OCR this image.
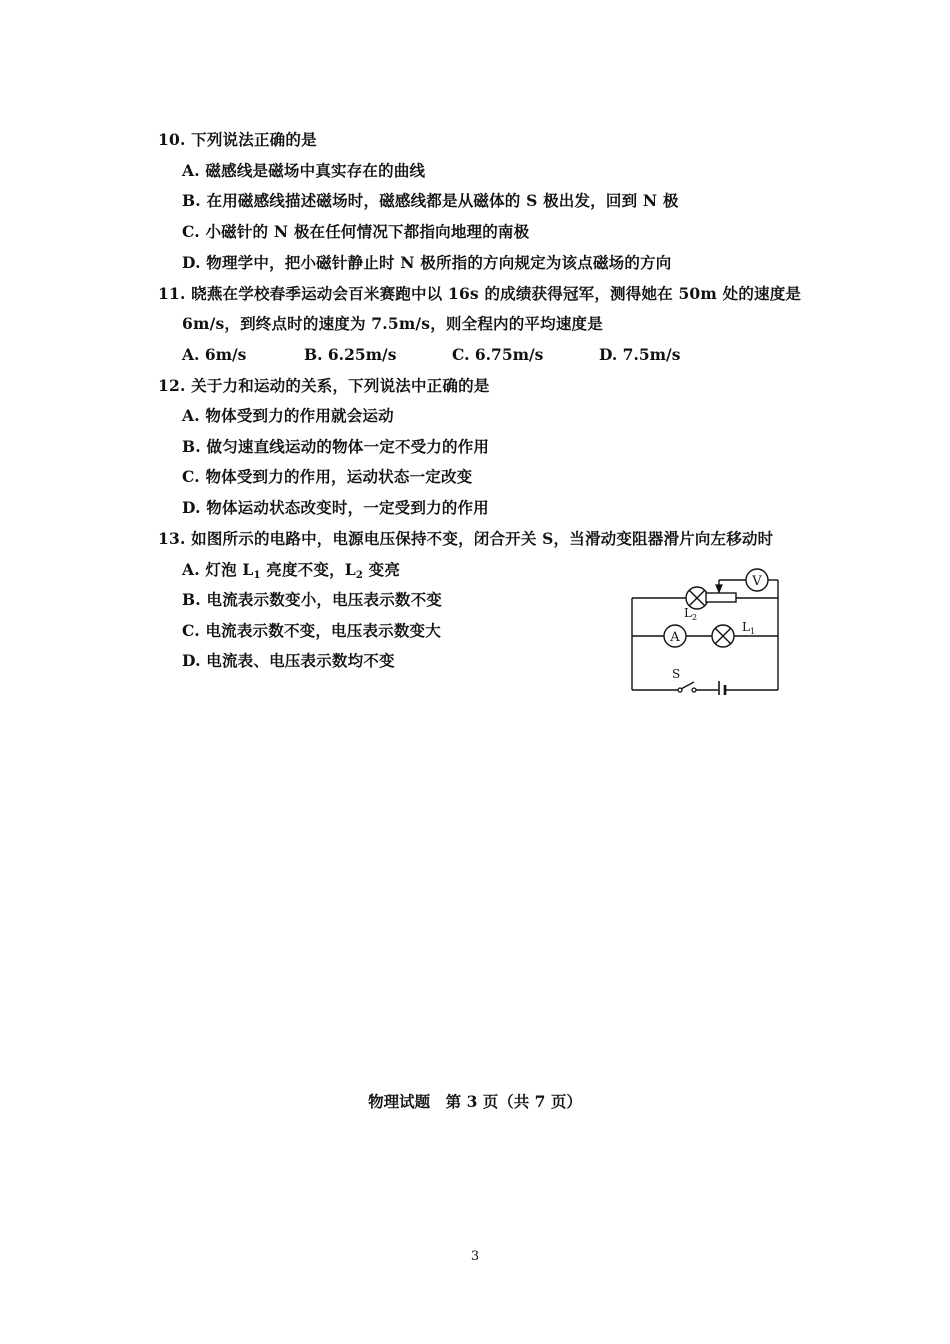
10. 下列说法正确的是
A. 磁感线是磁场中真实存在的曲线
B. 在用磁感线描述磁场时，磁感线都是从磁体的 S 极出发，回到 N 极
C. 小磁针的 N 极在任何情况下都指向地理的南极
D. 物理学中，把小磁针静止时 N 极所指的方向规定为该点磁场的方向
11. 晓燕在学校春季运动会百米赛跑中以 16s 的成绩获得冠军，测得她在 50m 处的速度是
6m/s，到终点时的速度为 7.5m/s，则全程内的平均速度是
A. 6m/s	B. 6.25m/s	C. 6.75m/s	D. 7.5m/s
12. 关于力和运动的关系，下列说法中正确的是
A. 物体受到力的作用就会运动
B. 做匀速直线运动的物体一定不受力的作用
C. 物体受到力的作用，运动状态一定改变
D. 物体运动状态改变时，一定受到力的作用
13. 如图所示的电路中，电源电压保持不变，闭合开关 S，当滑动变阻器滑片向左移动时
A. 灯泡 $L_1$ 亮度不变，$L_2$ 变亮
B. 电流表示数变小，电压表示数不变
C. 电流表示数不变，电压表示数变大
D. 电流表、电压表示数均不变
V
$L_2$
A
$L_1$
S
物理试题　第 3 页（共 7 页）
3
